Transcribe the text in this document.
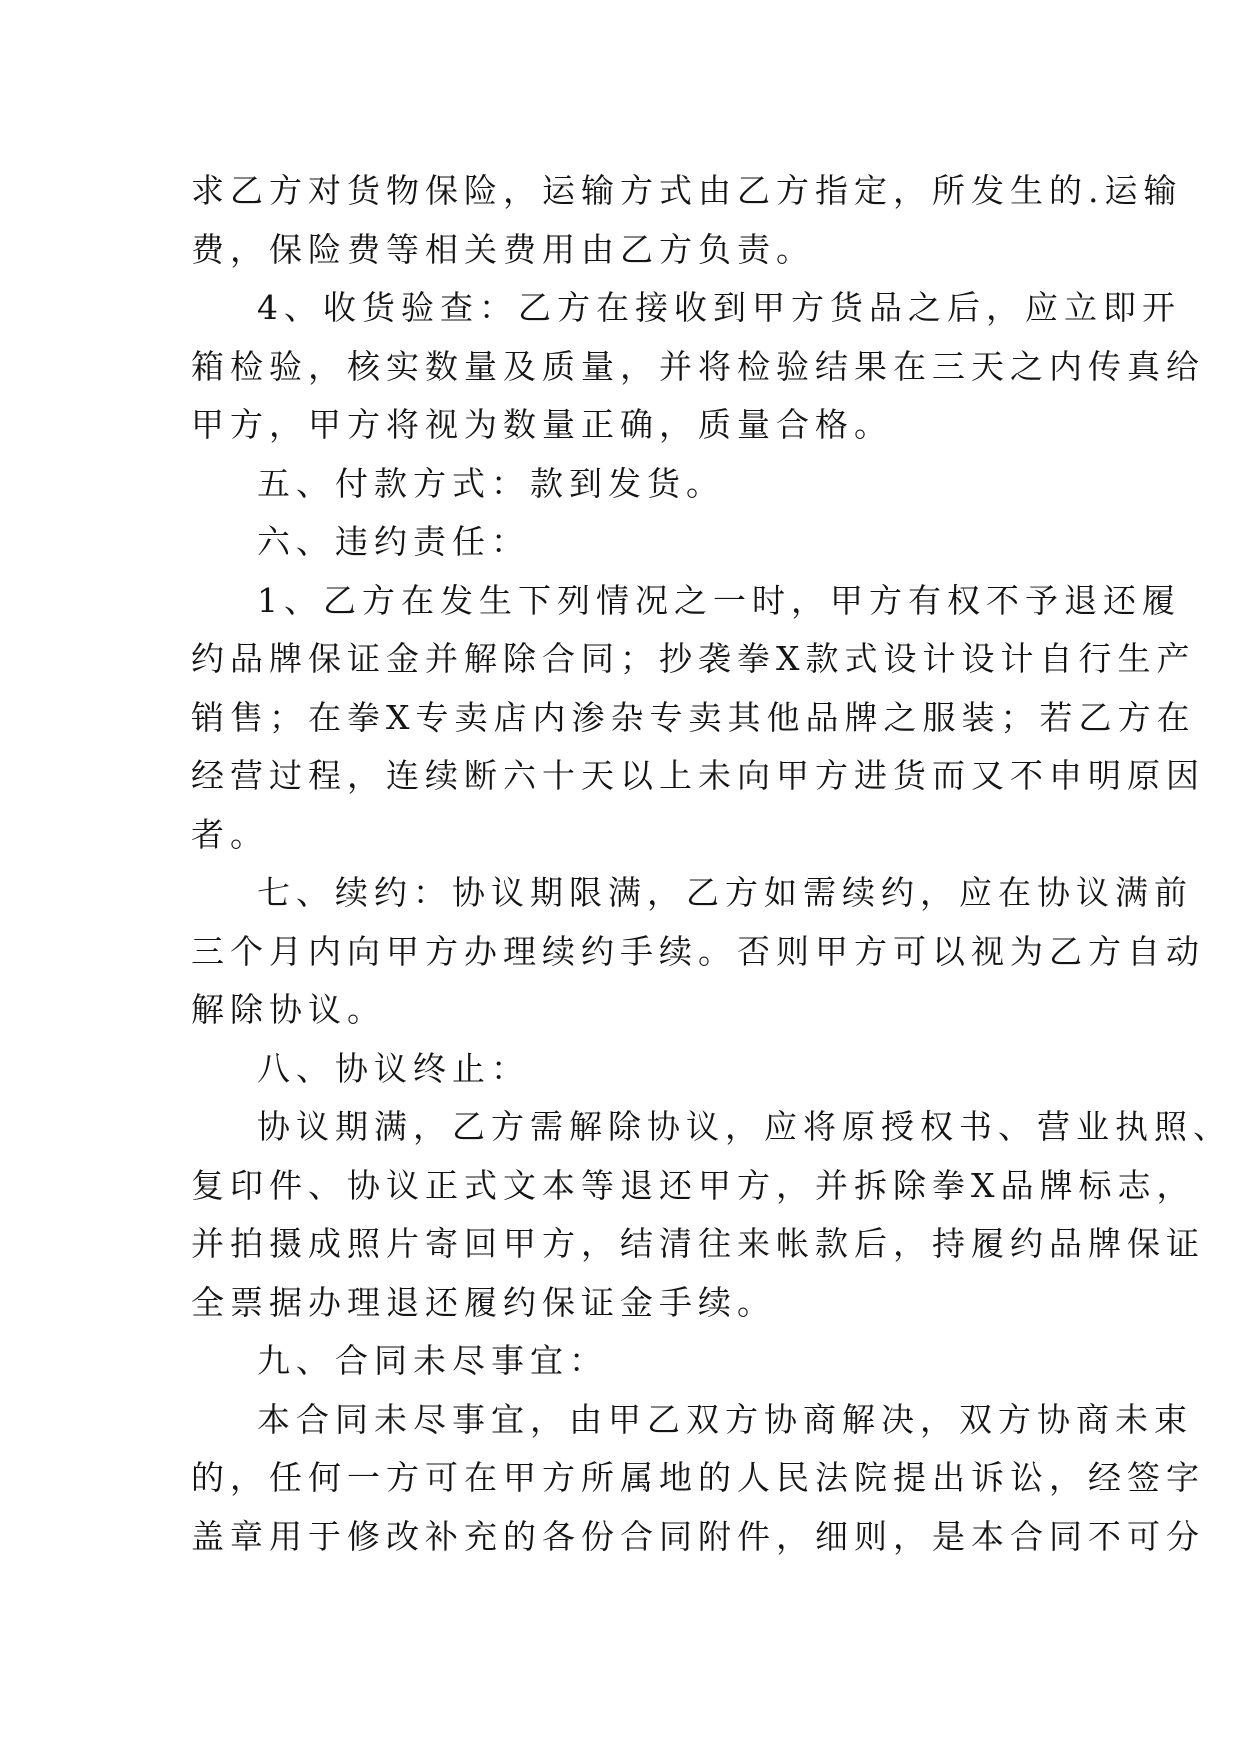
求乙方对货物保险，运输方式由乙方指定，所发生的.运输
费，保险费等相关费用由乙方负责。
4、收货验查：乙方在接收到甲方货品之后，应立即开
箱检验，核实数量及质量，并将检验结果在三天之内传真给
甲方，甲方将视为数量正确，质量合格。
五、付款方式：款到发货。
六、违约责任：
1、乙方在发生下列情况之一时，甲方有权不予退还履
约品牌保证金并解除合同；抄袭拳X款式设计设计自行生产
销售；在拳X专卖店内渗杂专卖其他品牌之服装；若乙方在
经营过程，连续断六十天以上未向甲方进货而又不申明原因
者。
七、续约：协议期限满，乙方如需续约，应在协议满前
三个月内向甲方办理续约手续。否则甲方可以视为乙方自动
解除协议。
八、协议终止：
协议期满，乙方需解除协议，应将原授权书、营业执照、
复印件、协议正式文本等退还甲方，并拆除拳X品牌标志，
并拍摄成照片寄回甲方，结清往来帐款后，持履约品牌保证
全票据办理退还履约保证金手续。
九、合同未尽事宜：
本合同未尽事宜，由甲乙双方协商解决，双方协商未束
的，任何一方可在甲方所属地的人民法院提出诉讼，经签字
盖章用于修改补充的各份合同附件，细则，是本合同不可分
